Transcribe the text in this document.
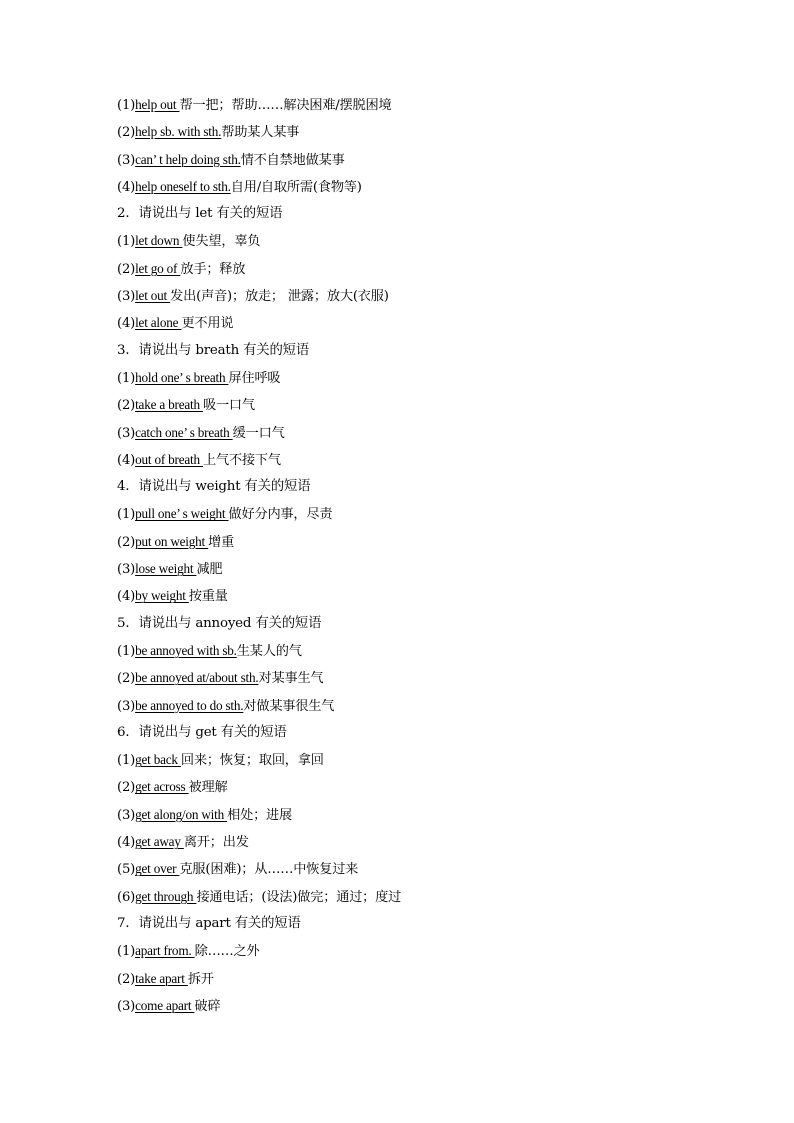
(1)help out 帮一把；帮助……解决困难/摆脱困境
(2)help sb. with sth.帮助某人某事
(3)can’ t help doing sth.情不自禁地做某事
(4)help oneself to sth.自用/自取所需(食物等)
2．请说出与 let 有关的短语
(1)let down 使失望，辜负
(2)let go of 放手；释放
(3)let out 发出(声音)；放走； 泄露；放大(衣服)
(4)let alone 更不用说
3．请说出与 breath 有关的短语
(1)hold one’ s breath 屏住呼吸
(2)take a breath 吸一口气
(3)catch one’ s breath 缓一口气
(4)out of breath 上气不接下气
4．请说出与 weight 有关的短语
(1)pull one’ s weight 做好分内事，尽责
(2)put on weight 增重
(3)lose weight 减肥
(4)by weight 按重量
5．请说出与 annoyed 有关的短语
(1)be annoyed with sb.生某人的气
(2)be annoyed at/about sth.对某事生气
(3)be annoyed to do sth.对做某事很生气
6．请说出与 get 有关的短语
(1)get back 回来；恢复；取回，拿回
(2)get across 被理解
(3)get along/on with 相处；进展
(4)get away 离开；出发
(5)get over 克服(困难)；从……中恢复过来
(6)get through 接通电话；(设法)做完；通过；度过
7．请说出与 apart 有关的短语
(1)apart from. 除……之外
(2)take apart 拆开
(3)come apart 破碎
